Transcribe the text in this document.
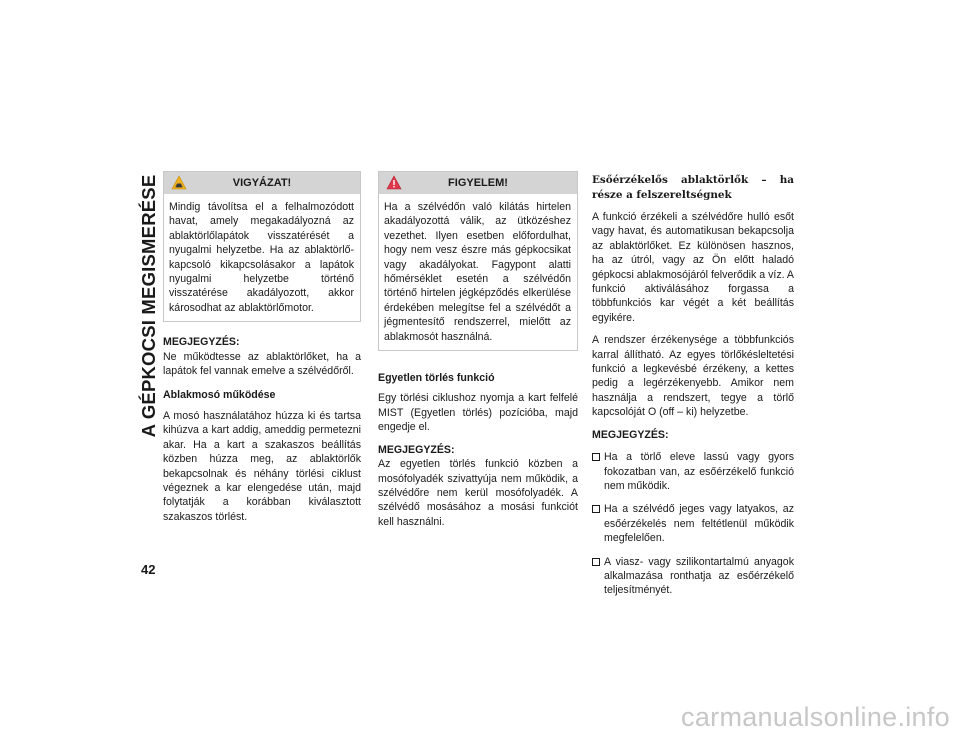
A GÉPKOCSI MEGISMERÉSE
42
VIGYÁZAT!
Mindig távolítsa el a felhalmozódott havat, amely megakadályozná az ablaktörlőlapátok visszatérését a nyugalmi helyzetbe. Ha az ablaktörlő-kapcsoló kikapcsolásakor a lapátok nyugalmi helyzetbe történő visszatérése akadályozott, akkor károsodhat az ablaktörlőmotor.

MEGJEGYZÉS:

Ne működtesse az ablaktörlőket, ha a lapátok fel vannak emelve a szélvédőről.

Ablakmosó működése

A mosó használatához húzza ki és tartsa kihúzva a kart addig, ameddig permetezni akar. Ha a kart a szakaszos beállítás közben húzza meg, az ablaktörlők bekapcsolnak és néhány törlési ciklust végeznek a kar elengedése után, majd folytatják a korábban kiválasztott szakaszos törlést.

FIGYELEM!
Ha a szélvédőn való kilátás hirtelen akadályozottá válik, az ütközéshez vezethet. Ilyen esetben előfordulhat, hogy nem vesz észre más gépkocsikat vagy akadályokat. Fagypont alatti hőmérséklet esetén a szélvédőn történő hirtelen jégképződés elkerülése érdekében melegítse fel a szélvédőt a jégmentesítő rendszerrel, mielőtt az ablakmosót használná.

Egyetlen törlés funkció

Egy törlési ciklushoz nyomja a kart felfelé MIST (Egyetlen törlés) pozícióba, majd engedje el.

MEGJEGYZÉS:

Az egyetlen törlés funkció közben a mosófolyadék szivattyúja nem működik, a szélvédőre nem kerül mosófolyadék. A szélvédő mosásához a mosási funkciót kell használni.

Esőérzékelős ablaktörlők – ha része a felszereltségnek

A funkció érzékeli a szélvédőre hulló esőt vagy havat, és automatikusan bekapcsolja az ablaktörlőket. Ez különösen hasznos, ha az útról, vagy az Ön előtt haladó gépkocsi ablakmosójáról felverődik a víz. A funkció aktiválásához forgassa a többfunkciós kar végét a két beállítás egyikére.

A rendszer érzékenysége a többfunkciós karral állítható. Az egyes törlőkésleltetési funkció a legkevésbé érzékeny, a kettes pedig a legérzékenyebb. Amikor nem használja a rendszert, tegye a törlő kapcsolóját O (off – ki) helyzetbe.

MEGJEGYZÉS:

Ha a törlő eleve lassú vagy gyors fokozatban van, az esőérzékelő funkció nem működik.
Ha a szélvédő jeges vagy latyakos, az esőérzékelés nem feltétlenül működik megfelelően.
A viasz- vagy szilikontartalmú anyagok alkalmazása ronthatja az esőérzékelő teljesítményét.
carmanualsonline.info
